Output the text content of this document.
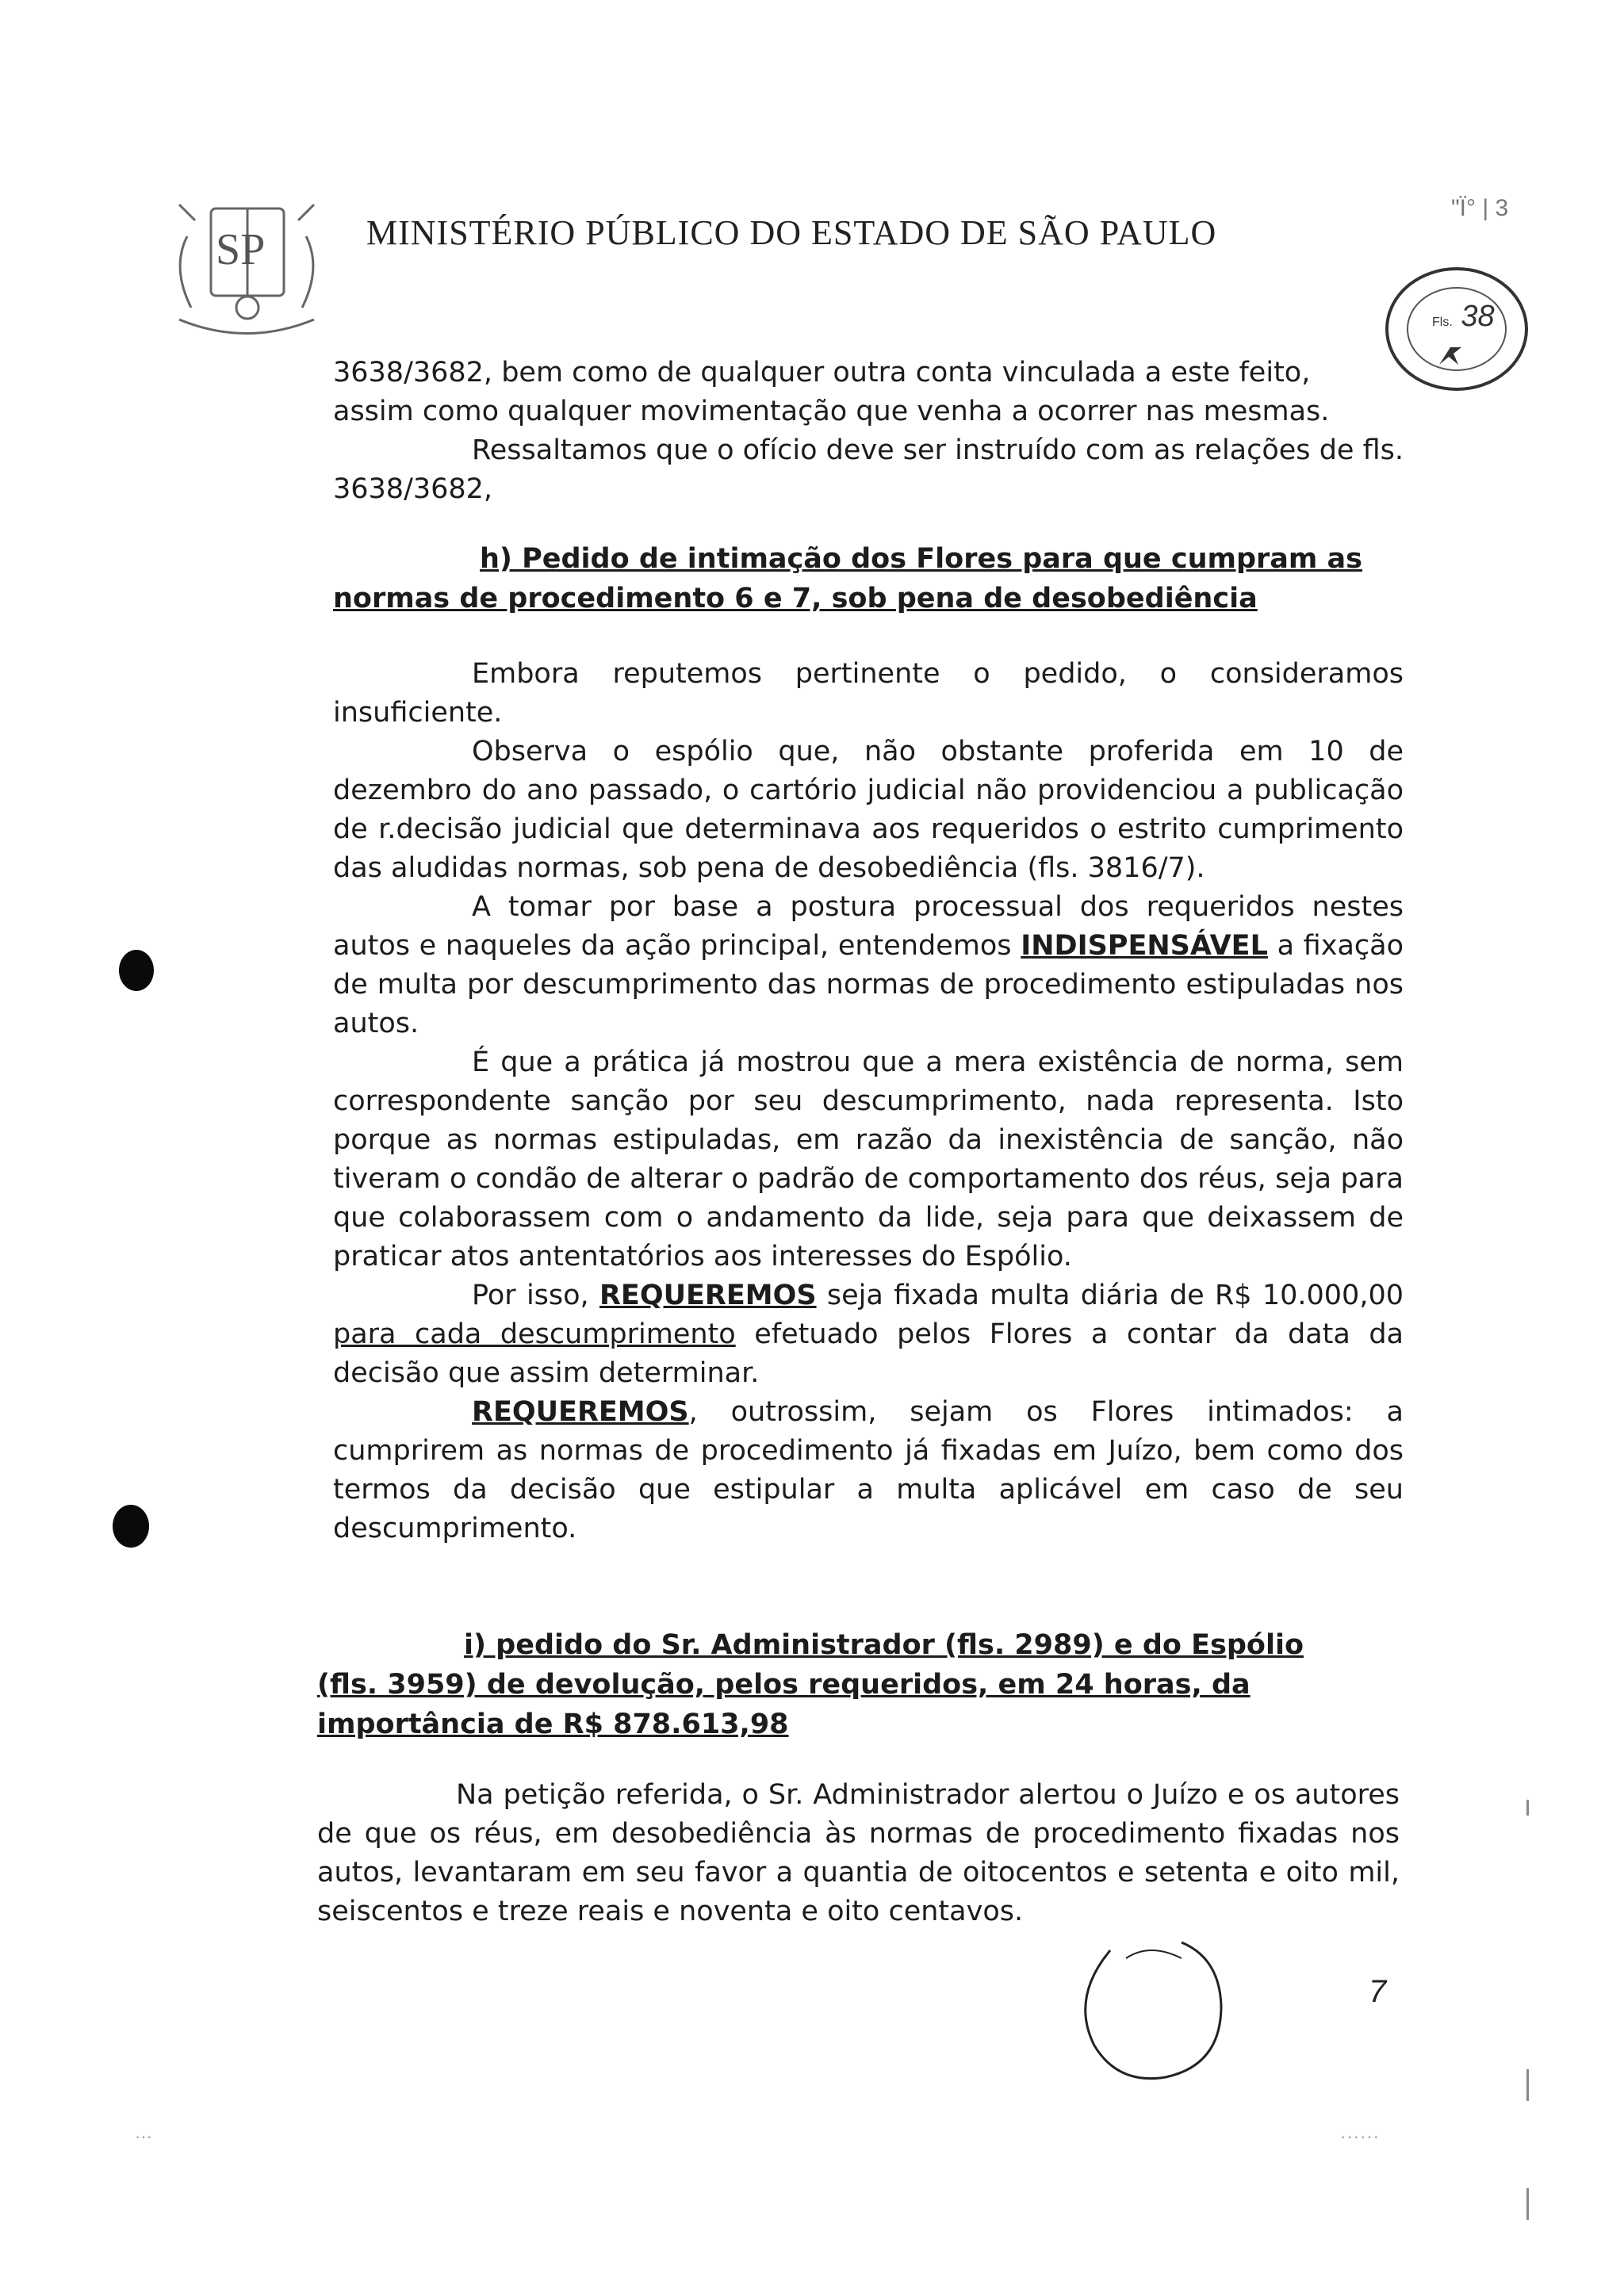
SP	MINISTÉRIO PÚBLICO DO ESTADO DE SÃO PAULO
"Ï° | 3
Fls. 38

3638/3682, bem como de qualquer outra conta vinculada a este feito,

assim como qualquer movimentação que venha a ocorrer nas mesmas.

Ressaltamos que o ofício deve ser instruído com as relações de fls. 3638/3682,

h) Pedido de intimação dos Flores para que cumpram as
normas de procedimento 6 e 7, sob pena de desobediência

Embora reputemos pertinente o pedido, o consideramos insuficiente.

Observa o espólio que, não obstante proferida em 10 de dezembro do ano passado, o cartório judicial não providenciou a publicação de r.decisão judicial que determinava aos requeridos o estrito cumprimento das aludidas normas, sob pena de desobediência (fls. 3816/7).

A tomar por base a postura processual dos requeridos nestes autos e naqueles da ação principal, entendemos INDISPENSÁVEL a fixação de multa por descumprimento das normas de procedimento estipuladas nos autos.

É que a prática já mostrou que a mera existência de norma, sem correspondente sanção por seu descumprimento, nada representa. Isto porque as normas estipuladas, em razão da inexistência de sanção, não tiveram o condão de alterar o padrão de comportamento dos réus, seja para que colaborassem com o andamento da lide, seja para que deixassem de praticar atos antentatórios aos interesses do Espólio.

Por isso, REQUEREMOS seja fixada multa diária de R$ 10.000,00 para cada descumprimento efetuado pelos Flores a contar da data da decisão que assim determinar.

REQUEREMOS, outrossim, sejam os Flores intimados: a cumprirem as normas de procedimento já fixadas em Juízo, bem como dos termos da decisão que estipular a multa aplicável em caso de seu descumprimento.

i) pedido do Sr. Administrador (fls. 2989) e do Espólio
(fls. 3959) de devolução, pelos requeridos, em 24 horas, da
importância de R$ 878.613,98

Na petição referida, o Sr. Administrador alertou o Juízo e os autores de que os réus, em desobediência às normas de procedimento fixadas nos autos, levantaram em seu favor a quantia de oitocentos e setenta e oito mil, seiscentos e treze reais e noventa e oito centavos.

7
···	······
